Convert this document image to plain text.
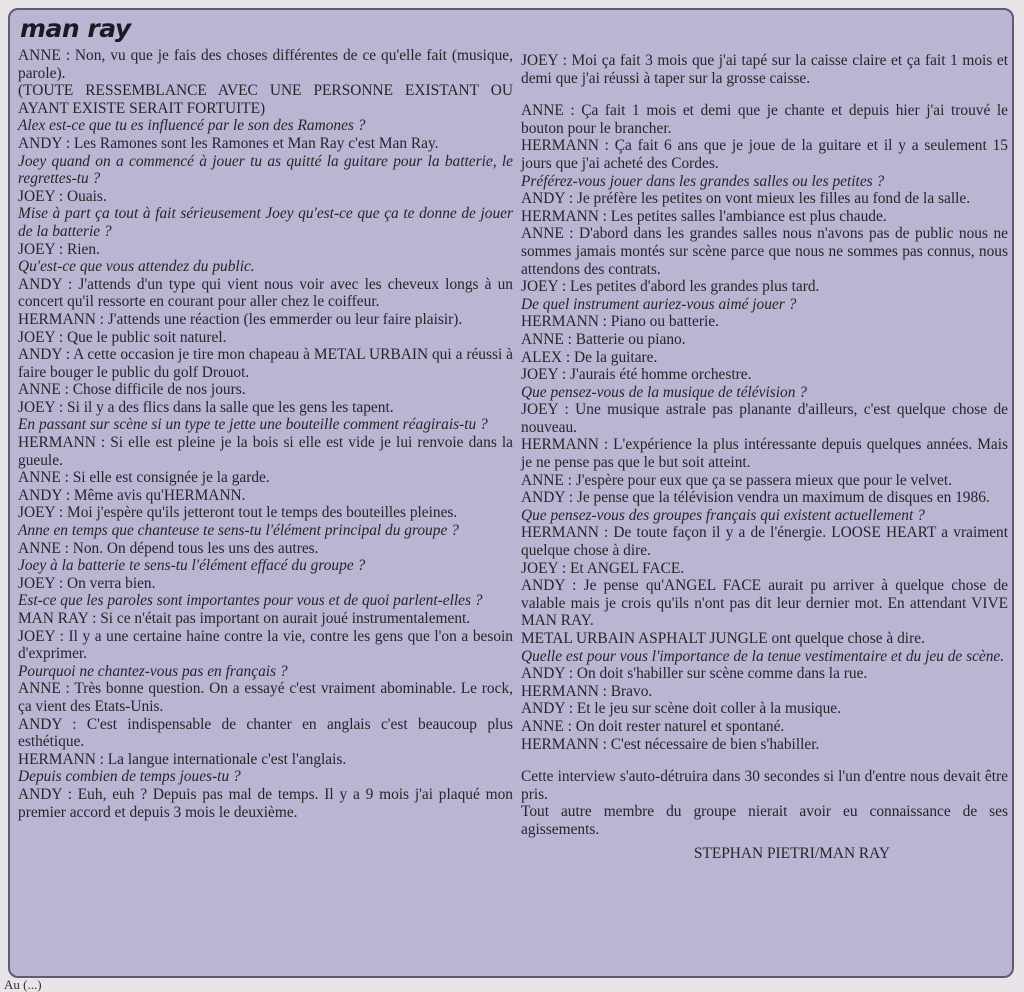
man ray

ANNE : Non, vu que je fais des choses différentes de ce qu'elle fait (musique, parole).

(TOUTE RESSEMBLANCE AVEC UNE PERSONNE EXISTANT OU AYANT EXISTE SERAIT FORTUITE)

Alex est-ce que tu es influencé par le son des Ramones ?

ANDY : Les Ramones sont les Ramones et Man Ray c'est Man Ray.

Joey quand on a commencé à jouer tu as quitté la guitare pour la batterie, le regrettes-tu ?

JOEY : Ouais.

Mise à part ça tout à fait sérieusement Joey qu'est-ce que ça te donne de jouer de la batterie ?

JOEY : Rien.

Qu'est-ce que vous attendez du public.

ANDY : J'attends d'un type qui vient nous voir avec les cheveux longs à un concert qu'il ressorte en courant pour aller chez le coiffeur.

HERMANN : J'attends une réaction (les emmerder ou leur faire plaisir).

JOEY : Que le public soit naturel.

ANDY : A cette occasion je tire mon chapeau à METAL URBAIN qui a réussi à faire bouger le public du golf Drouot.

ANNE : Chose difficile de nos jours.

JOEY : Si il y a des flics dans la salle que les gens les tapent.

En passant sur scène si un type te jette une bouteille comment réagirais-tu ?

HERMANN : Si elle est pleine je la bois si elle est vide je lui renvoie dans la gueule.

ANNE : Si elle est consignée je la garde.

ANDY : Même avis qu'HERMANN.

JOEY : Moi j'espère qu'ils jetteront tout le temps des bouteilles pleines.

Anne en temps que chanteuse te sens-tu l'élément principal du groupe ?

ANNE : Non. On dépend tous les uns des autres.

Joey à la batterie te sens-tu l'élément effacé du groupe ?

JOEY : On verra bien.

Est-ce que les paroles sont importantes pour vous et de quoi parlent-elles ?

MAN RAY : Si ce n'était pas important on aurait joué instrumentalement.

JOEY : Il y a une certaine haine contre la vie, contre les gens que l'on a besoin d'exprimer.

Pourquoi ne chantez-vous pas en français ?

ANNE : Très bonne question. On a essayé c'est vraiment abominable. Le rock, ça vient des Etats-Unis.

ANDY : C'est indispensable de chanter en anglais c'est beaucoup plus esthétique.

HERMANN : La langue internationale c'est l'anglais.

Depuis combien de temps joues-tu ?

ANDY : Euh, euh ? Depuis pas mal de temps. Il y a 9 mois j'ai plaqué mon premier accord et depuis 3 mois le deuxième.

JOEY : Moi ça fait 3 mois que j'ai tapé sur la caisse claire et ça fait 1 mois et demi que j'ai réussi à taper sur la grosse caisse.

ANNE : Ça fait 1 mois et demi que je chante et depuis hier j'ai trouvé le bouton pour le brancher.

HERMANN : Ça fait 6 ans que je joue de la guitare et il y a seulement 15 jours que j'ai acheté des Cordes.

Préférez-vous jouer dans les grandes salles ou les petites ?

ANDY : Je préfère les petites on vont mieux les filles au fond de la salle.

HERMANN : Les petites salles l'ambiance est plus chaude.

ANNE : D'abord dans les grandes salles nous n'avons pas de public nous ne sommes jamais montés sur scène parce que nous ne sommes pas connus, nous attendons des contrats.

JOEY : Les petites d'abord les grandes plus tard.

De quel instrument auriez-vous aimé jouer ?

HERMANN : Piano ou batterie.

ANNE : Batterie ou piano.

ALEX : De la guitare.

JOEY : J'aurais été homme orchestre.

Que pensez-vous de la musique de télévision ?

JOEY : Une musique astrale pas planante d'ailleurs, c'est quelque chose de nouveau.

HERMANN : L'expérience la plus intéressante depuis quelques années. Mais je ne pense pas que le but soit atteint.

ANNE : J'espère pour eux que ça se passera mieux que pour le velvet.

ANDY : Je pense que la télévision vendra un maximum de disques en 1986.

Que pensez-vous des groupes français qui existent actuellement ?

HERMANN : De toute façon il y a de l'énergie. LOOSE HEART a vraiment quelque chose à dire.

JOEY : Et ANGEL FACE.

ANDY : Je pense qu'ANGEL FACE aurait pu arriver à quelque chose de valable mais je crois qu'ils n'ont pas dit leur dernier mot. En attendant VIVE MAN RAY.

METAL URBAIN ASPHALT JUNGLE ont quelque chose à dire.

Quelle est pour vous l'importance de la tenue vestimentaire et du jeu de scène.

ANDY : On doit s'habiller sur scène comme dans la rue.

HERMANN : Bravo.

ANDY : Et le jeu sur scène doit coller à la musique.

ANNE : On doit rester naturel et spontané.

HERMANN : C'est nécessaire de bien s'habiller.

Cette interview s'auto-détruira dans 30 secondes si l'un d'entre nous devait être pris.

Tout autre membre du groupe nierait avoir eu connaissance de ses agissements.

STEPHAN PIETRI/MAN RAY

Au (...)
